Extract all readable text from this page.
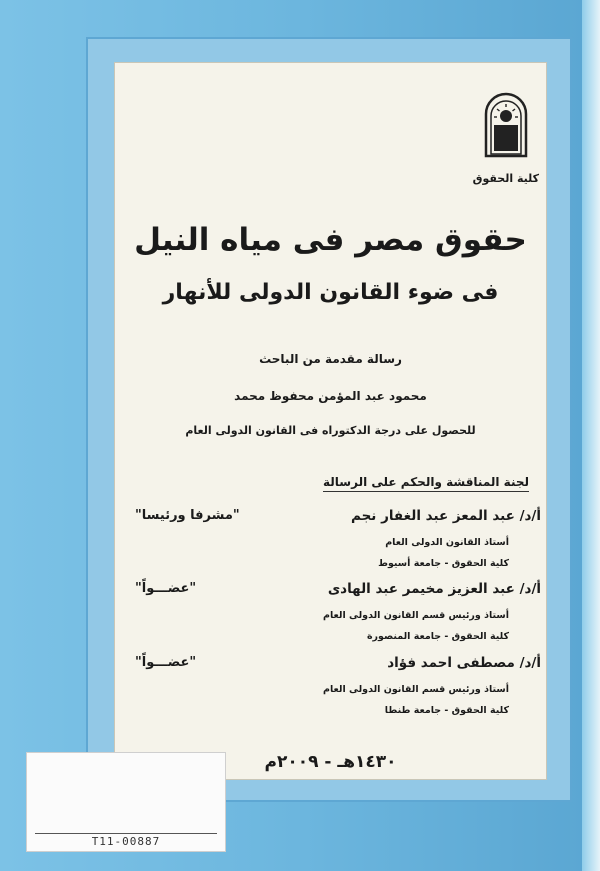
كلية الحقوق
حقوق مصر فى مياه النيل
فى ضوء القانون الدولى للأنهار
رسالة مقدمة من الباحث
محمود عبد المؤمن محفوظ محمد
للحصول على درجة الدكتوراه فى القانون الدولى العام
لجنة المناقشة والحكم على الرسالة
أ/د/ عبد المعز عبد الغفار نجم
"مشرفا ورئيسا"
أستاذ القانون الدولى العام
كلية الحقوق - جامعة أسيوط
أ/د/ عبد العزيز مخيمر عبد الهادى
"عضـــواً"
أستاذ ورئيس قسم القانون الدولى العام
كلية الحقوق - جامعة المنصورة
أ/د/ مصطفى احمد فؤاد
"عضـــواً"
أستاذ ورئيس قسم القانون الدولى العام
كلية الحقوق - جامعة طنطا
١٤٣٠هـ - ٢٠٠٩م
T11-00887
